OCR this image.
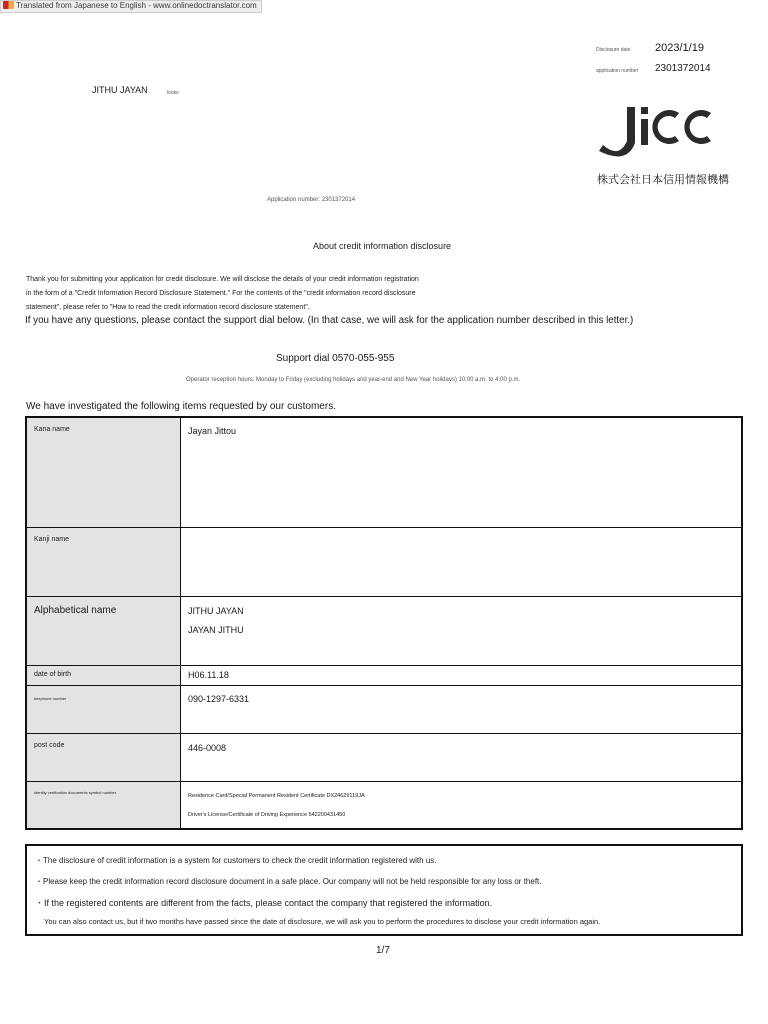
Translated from Japanese to English - www.onlinedoctranslator.com
Disclosure date 2023/1/19
application number 2301372014
JITHU JAYAN	looks
株式会社日本信用情報機構
Application number: 2301372014
About credit information disclosure
Thank you for submitting your application for credit disclosure. We will disclose the details of your credit information registration
in the form of a "Credit Information Record Disclosure Statement." For the contents of the "credit information record disclosure
statement", please refer to "How to read the credit information record disclosure statement".
If you have any questions, please contact the support dial below. (In that case, we will ask for the application number described in this letter.)
Support dial 0570-055-955
Operator reception hours: Monday to Friday (excluding holidays and year-end and New Year holidays) 10:00 a.m. to 4:00 p.m.
We have investigated the following items requested by our customers.
Kana name	Jayan Jittou
Kanji name	
Alphabetical name	JITHU JAYAN
JAYAN JITHU

date of birth	H06.11.18
telephone number	090-1297-6331
post code	446-0008
identity verification documents symbol number	Residence Card/Special Permanent Resident Certificate DX24629119JA
Driver's License/Certificate of Driving Experience 542200431450
・The disclosure of credit information is a system for customers to check the credit information registered with us.
・Please keep the credit information record disclosure document in a safe place. Our company will not be held responsible for any loss or theft.
・If the registered contents are different from the facts, please contact the company that registered the information.
You can also contact us, but if two months have passed since the date of disclosure, we will ask you to perform the procedures to disclose your credit information again.
1/7
